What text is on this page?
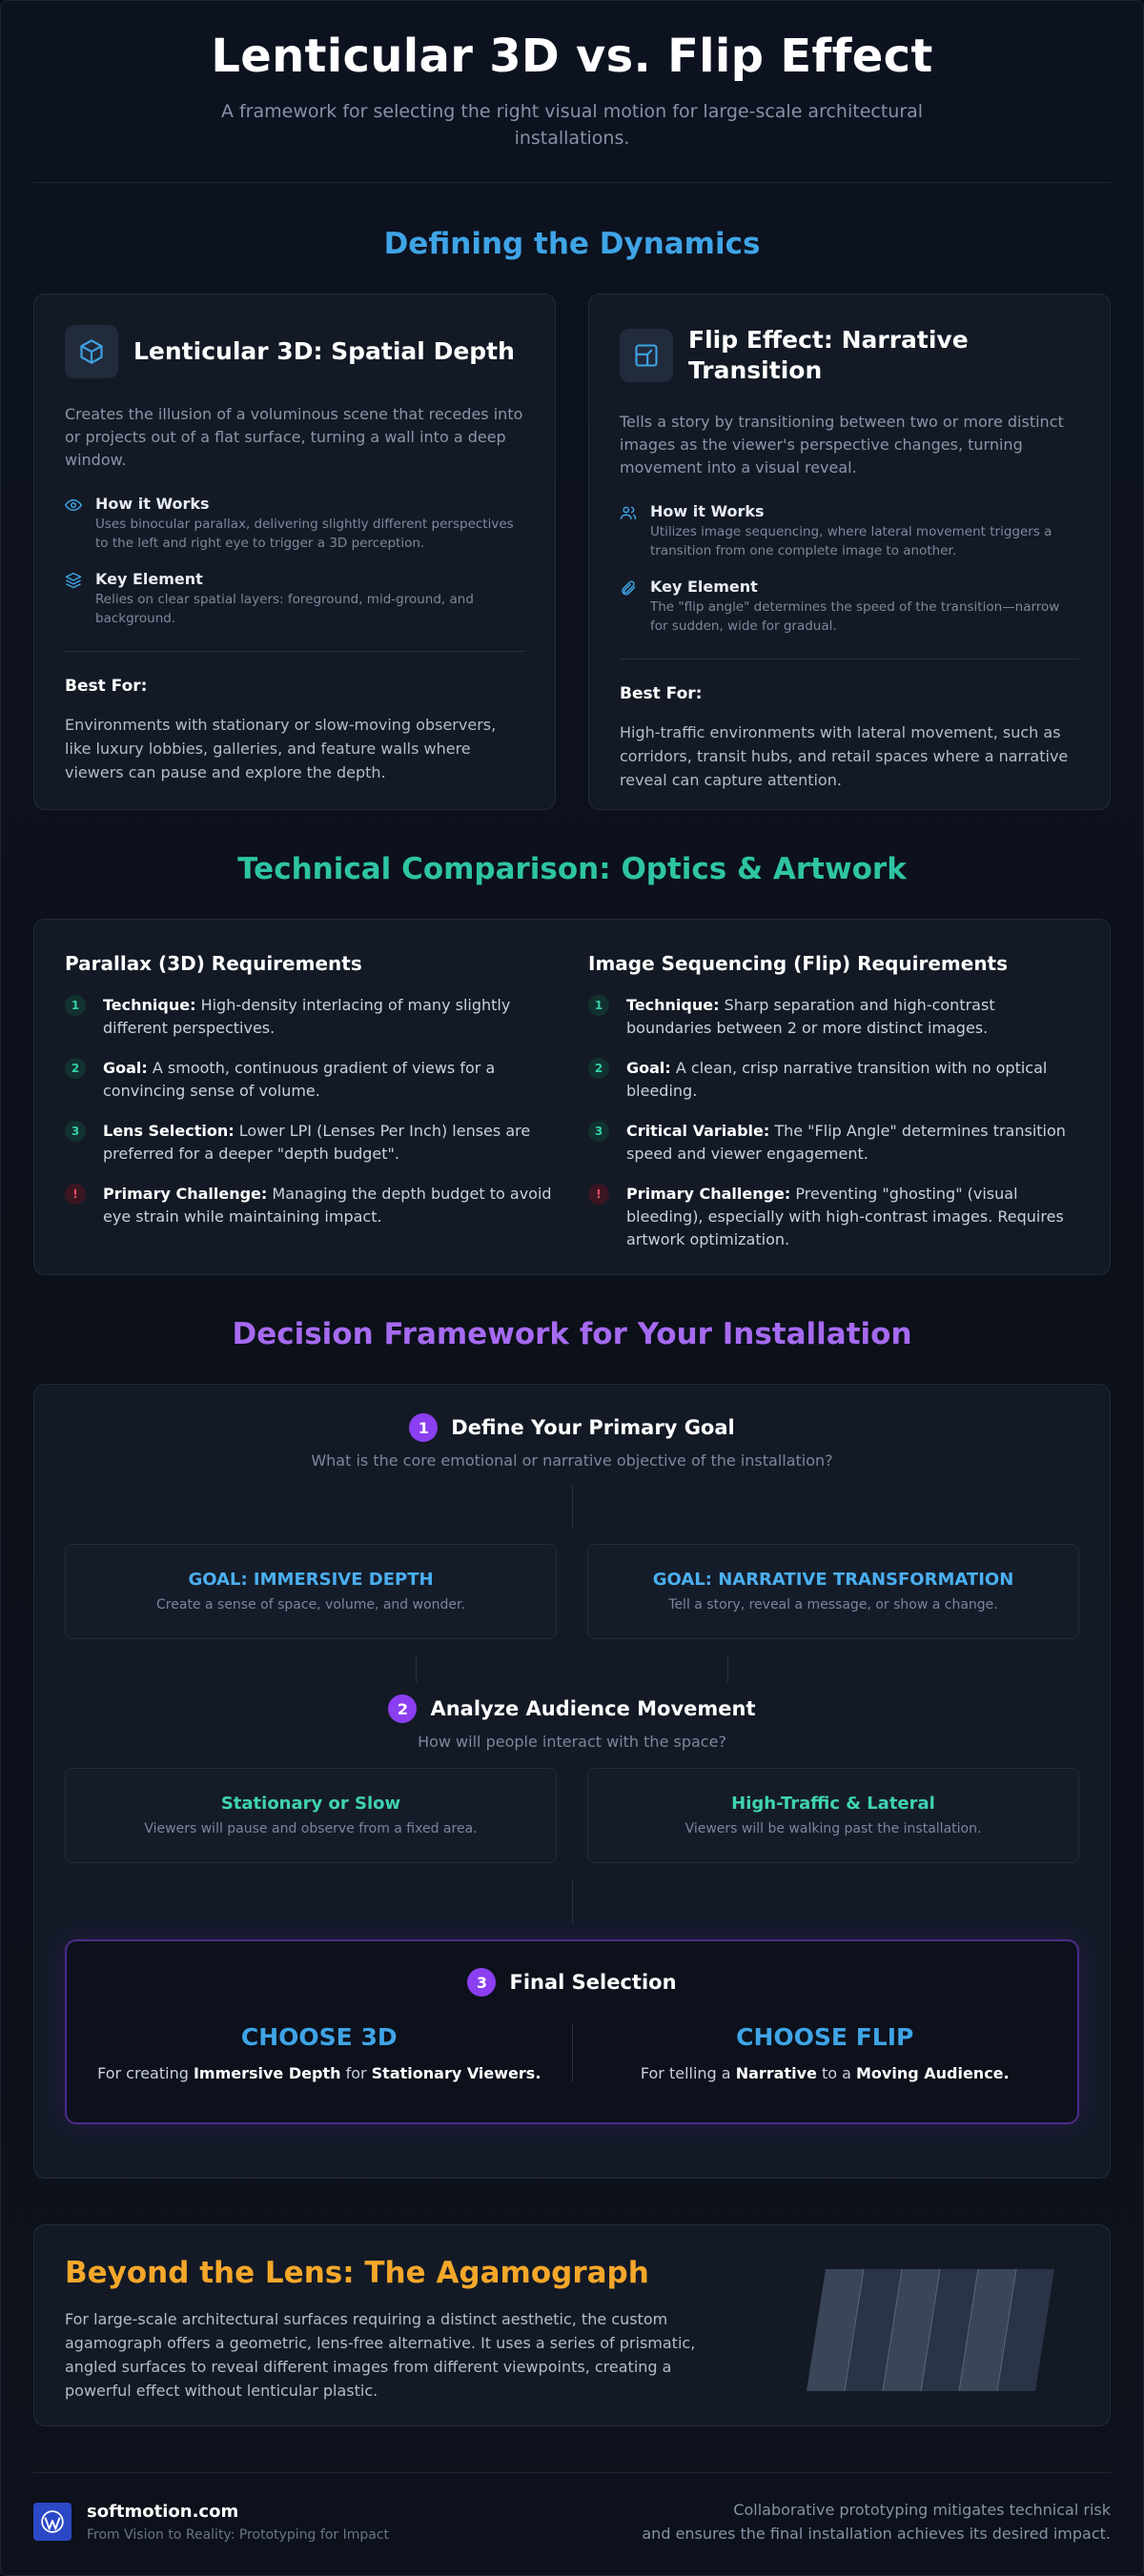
Lenticular 3D vs. Flip Effect

A framework for selecting the right visual motion for large-scale architectural installations.

Defining the Dynamics
Lenticular 3D: Spatial Depth

Creates the illusion of a voluminous scene that recedes into or projects out of a flat surface, turning a wall into a deep window.

How it Works

Uses binocular parallax, delivering slightly different perspectives to the left and right eye to trigger a 3D perception.

Key Element

Relies on clear spatial layers: foreground, mid-ground, and background.

Best For:

Environments with stationary or slow-moving observers, like luxury lobbies, galleries, and feature walls where viewers can pause and explore the depth.

Flip Effect: Narrative Transition

Tells a story by transitioning between two or more distinct images as the viewer's perspective changes, turning movement into a visual reveal.

How it Works

Utilizes image sequencing, where lateral movement triggers a transition from one complete image to another.

Key Element

The "flip angle" determines the speed of the transition—narrow for sudden, wide for gradual.

Best For:

High-traffic environments with lateral movement, such as corridors, transit hubs, and retail spaces where a narrative reveal can capture attention.

Technical Comparison: Optics & Artwork
Parallax (3D) Requirements
1	Technique: High-density interlacing of many slightly different perspectives.
2	Goal: A smooth, continuous gradient of views for a convincing sense of volume.
3	Lens Selection: Lower LPI (Lenses Per Inch) lenses are preferred for a deeper "depth budget".
!	Primary Challenge: Managing the depth budget to avoid eye strain while maintaining impact.
Image Sequencing (Flip) Requirements
1	Technique: Sharp separation and high-contrast boundaries between 2 or more distinct images.
2	Goal: A clean, crisp narrative transition with no optical bleeding.
3	Critical Variable: The "Flip Angle" determines transition speed and viewer engagement.
!	Primary Challenge: Preventing "ghosting" (visual bleeding), especially with high-contrast images. Requires artwork optimization.
Decision Framework for Your Installation
1	Define Your Primary Goal

What is the core emotional or narrative objective of the installation?

GOAL: IMMERSIVE DEPTH

Create a sense of space, volume, and wonder.

GOAL: NARRATIVE TRANSFORMATION

Tell a story, reveal a message, or show a change.

2	Analyze Audience Movement

How will people interact with the space?

Stationary or Slow

Viewers will pause and observe from a fixed area.

High-Traffic & Lateral

Viewers will be walking past the installation.

3	Final Selection
CHOOSE 3D

For creating Immersive Depth for Stationary Viewers.

CHOOSE FLIP

For telling a Narrative to a Moving Audience.

Beyond the Lens: The Agamograph

For large-scale architectural surfaces requiring a distinct aesthetic, the custom agamograph offers a geometric, lens-free alternative. It uses a series of prismatic, angled surfaces to reveal different images from different viewpoints, creating a powerful effect without lenticular plastic.

softmotion.com

From Vision to Reality: Prototyping for Impact

Collaborative prototyping mitigates technical risk
and ensures the final installation achieves its desired impact.
